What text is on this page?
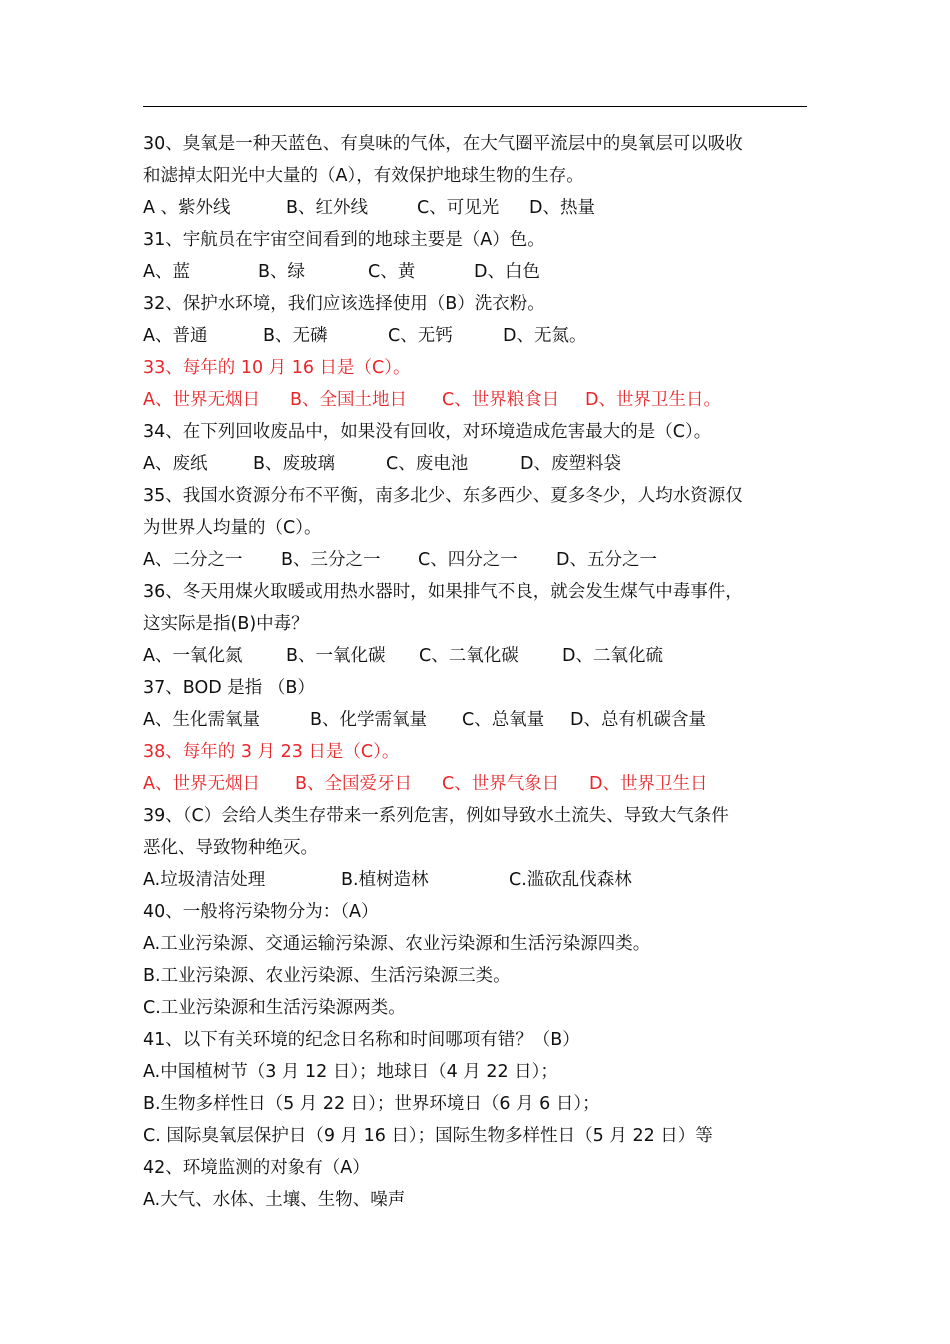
30、臭氧是一种天蓝色、有臭味的气体，在大气圈平流层中的臭氧层可以吸收
和滤掉太阳光中大量的（A），有效保护地球生物的生存。
A 、紫外线	B、红外线	C、可见光 D、热量
31、宇航员在宇宙空间看到的地球主要是（A）色。
A、蓝	B、绿	C、黄	D、白色
32、保护水环境，我们应该选择使用（B）洗衣粉。
A、普通	B、无磷	C、无钙	D、无氮。
33、每年的 10 月 16 日是（C）。
A、世界无烟日 B、全国土地日 C、世界粮食日 D、世界卫生日。
34、在下列回收废品中，如果没有回收，对环境造成危害最大的是（C）。
A、废纸	B、废玻璃	C、废电池	D、废塑料袋
35、我国水资源分布不平衡，南多北少、东多西少、夏多冬少，人均水资源仅
为世界人均量的（C）。
A、二分之一 B、三分之一 C、四分之一 D、五分之一
36、冬天用煤火取暖或用热水器时，如果排气不良，就会发生煤气中毒事件，
这实际是指(B)中毒？
A、一氧化氮 B、一氧化碳 C、二氧化碳 D、二氧化硫
37、BOD 是指 （B）
A、生化需氧量	B、化学需氧量 C、总氧量 D、总有机碳含量
38、每年的 3 月 23 日是（C）。
A、世界无烟日 B、全国爱牙日 C、世界气象日 D、世界卫生日
39、（C）会给人类生存带来一系列危害，例如导致水土流失、导致大气条件
恶化、导致物种绝灭。
A.垃圾清洁处理	B.植树造林	C.滥砍乱伐森林
40、一般将污染物分为：（A）
A.工业污染源、交通运输污染源、农业污染源和生活污染源四类。
B.工业污染源、农业污染源、生活污染源三类。
C.工业污染源和生活污染源两类。
41、以下有关环境的纪念日名称和时间哪项有错？（B）
A.中国植树节（3 月 12 日）；地球日（4 月 22 日）；
B.生物多样性日（5 月 22 日）；世界环境日（6 月 6 日）；
C. 国际臭氧层保护日（9 月 16 日）；国际生物多样性日（5 月 22 日）等
42、环境监测的对象有（A）
A.大气、水体、土壤、生物、噪声
